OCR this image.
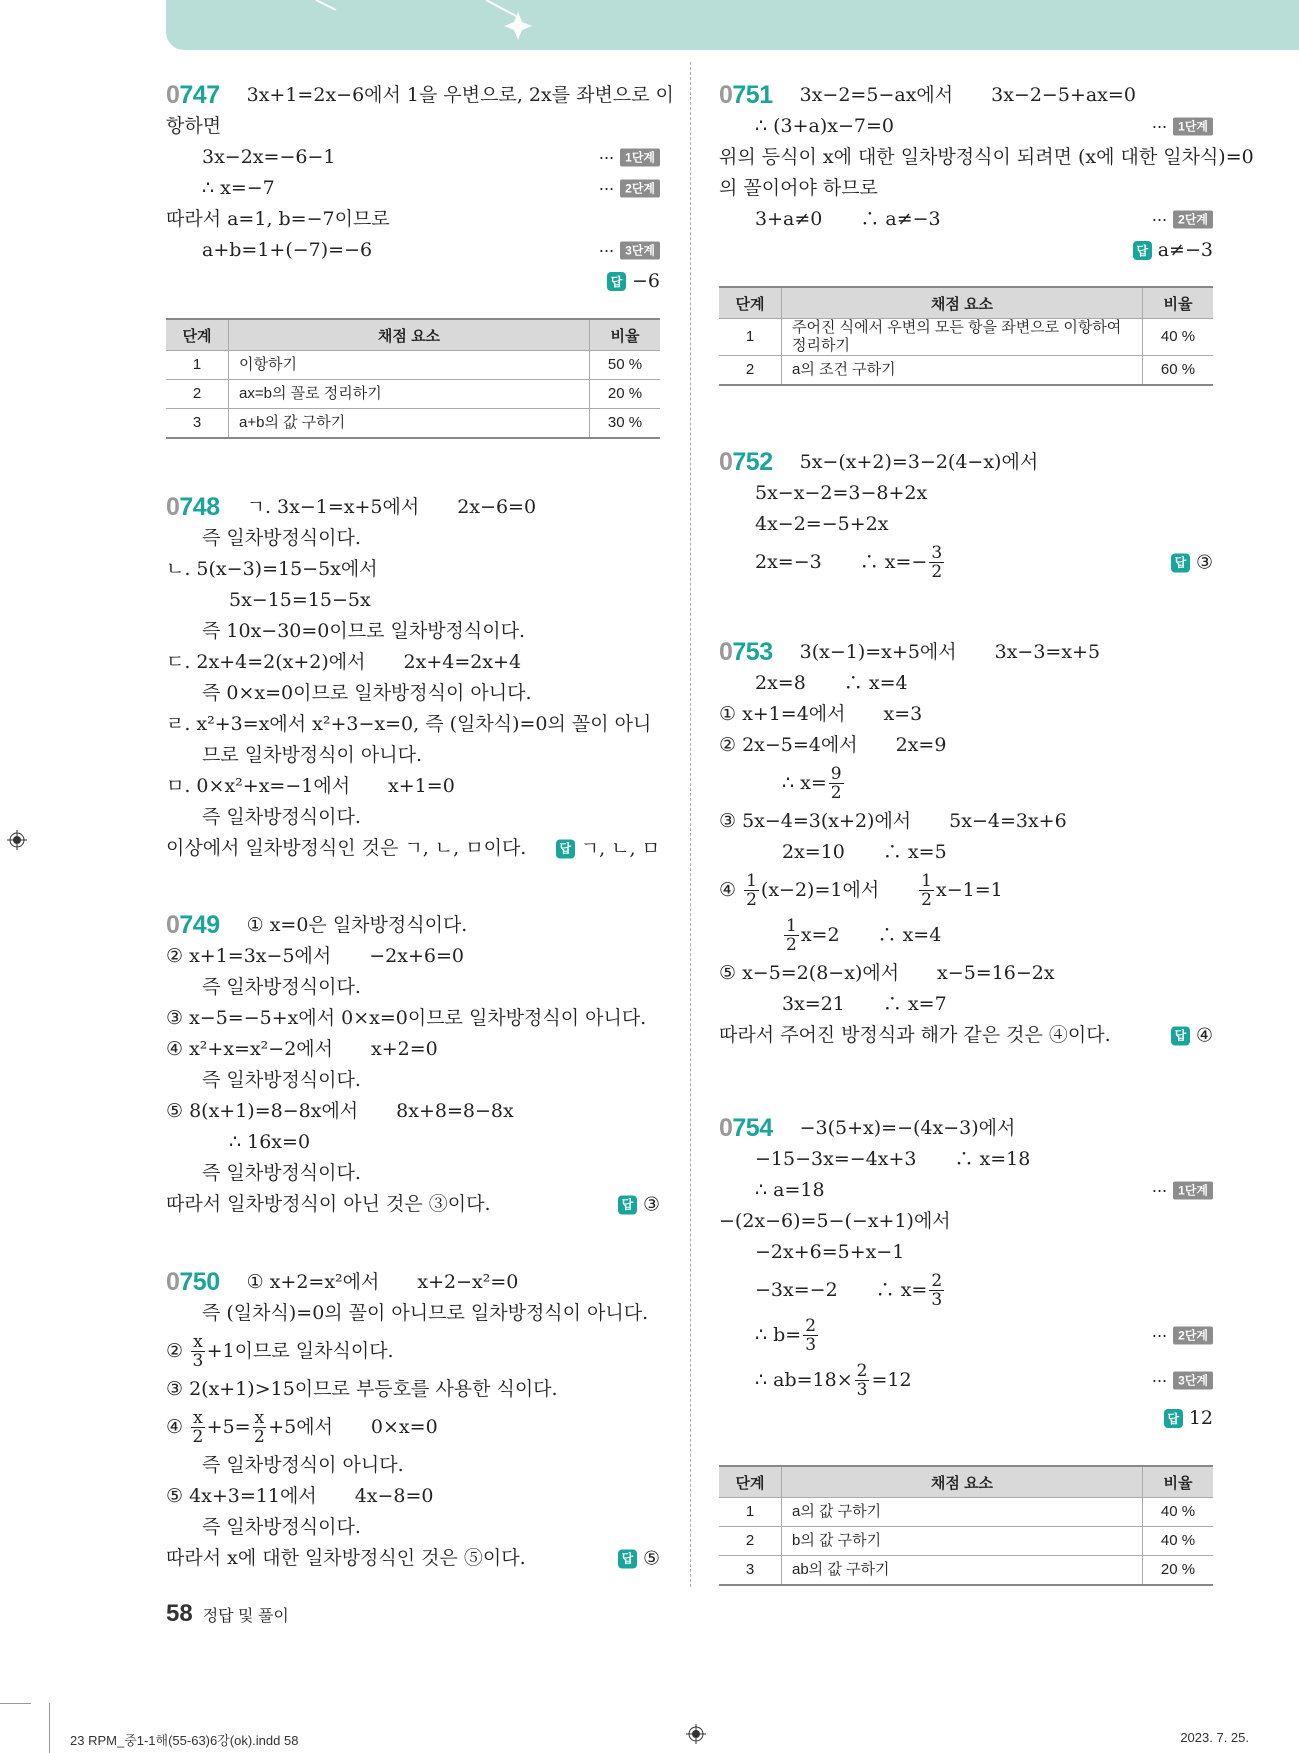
0747 3x+1=2x−6에서 1을 우변으로, 2x를 좌변으로 이
항하면
3x−2x=−6−1	··· 1단계
∴ x=−7	··· 2단계
따라서 a=1, b=−7이므로
a+b=1+(−7)=−6	··· 3단계
답 −6
단계	채점 요소	비율
1	이항하기	50 %
2	ax=b의 꼴로 정리하기	20 %
3	a+b의 값 구하기	30 %
0748 ㄱ. 3x−1=x+5에서　　2x−6=0
즉 일차방정식이다.
ㄴ. 5(x−3)=15−5x에서
5x−15=15−5x
즉 10x−30=0이므로 일차방정식이다.
ㄷ. 2x+4=2(x+2)에서　　2x+4=2x+4
즉 0×x=0이므로 일차방정식이 아니다.
ㄹ. x²+3=x에서 x²+3−x=0, 즉 (일차식)=0의 꼴이 아니
므로 일차방정식이 아니다.
ㅁ. 0×x²+x=−1에서　　x+1=0
즉 일차방정식이다.
이상에서 일차방정식인 것은 ㄱ, ㄴ, ㅁ이다.	답 ㄱ, ㄴ, ㅁ
0749 ① x=0은 일차방정식이다.
② x+1=3x−5에서　　−2x+6=0
즉 일차방정식이다.
③ x−5=−5+x에서 0×x=0이므로 일차방정식이 아니다.
④ x²+x=x²−2에서　　x+2=0
즉 일차방정식이다.
⑤ 8(x+1)=8−8x에서　　8x+8=8−8x
∴ 16x=0
즉 일차방정식이다.
따라서 일차방정식이 아닌 것은 ③이다.	답 ③
0750 ① x+2=x²에서　　x+2−x²=0
즉 (일차식)=0의 꼴이 아니므로 일차방정식이 아니다.
② $\frac{x}{3} +1$이므로 일차식이다.
③ 2(x+1)>15이므로 부등호를 사용한 식이다.
④ $\frac{x}{2} +5= \frac{x}{2} +5$에서　　0×x=0
즉 일차방정식이 아니다.
⑤ 4x+3=11에서　　4x−8=0
즉 일차방정식이다.
따라서 x에 대한 일차방정식인 것은 ⑤이다.	답 ⑤
0751 3x−2=5−ax에서　　3x−2−5+ax=0
∴ (3+a)x−7=0	··· 1단계
위의 등식이 x에 대한 일차방정식이 되려면 (x에 대한 일차식)=0
의 꼴이어야 하므로
3+a≠0　　∴ a≠−3	··· 2단계
답 a≠−3
단계	채점 요소	비율
1	주어진 식에서 우변의 모든 항을 좌변으로 이항하여 정리하기	40 %
2	a의 조건 구하기	60 %
0752 5x−(x+2)=3−2(4−x)에서
5x−x−2=3−8+2x
4x−2=−5+2x
2x=−3　　∴ $x=- \frac{3}{2}$	답 ③
0753 3(x−1)=x+5에서　　3x−3=x+5
2x=8　　∴ x=4
① x+1=4에서　　x=3
② 2x−5=4에서　　2x=9
∴ $x= \frac{9}{2}$
③ 5x−4=3(x+2)에서　　5x−4=3x+6
2x=10　　∴ x=5
④ $\frac{1}{2} (x-2)=1$에서　　 $\frac{1}{2} x-1=1$
$\frac{1}{2} x=2$　　∴ x=4
⑤ x−5=2(8−x)에서　　x−5=16−2x
3x=21　　∴ x=7
따라서 주어진 방정식과 해가 같은 것은 ④이다.	답 ④
0754 −3(5+x)=−(4x−3)에서
−15−3x=−4x+3　　∴ x=18
∴ a=18	··· 1단계
−(2x−6)=5−(−x+1)에서
−2x+6=5+x−1
−3x=−2　　∴ $x= \frac{2}{3}$
∴ $b= \frac{2}{3}$	··· 2단계
∴ $ab=18\times \frac{2}{3} =12$	··· 3단계
답 12
단계	채점 요소	비율
1	a의 값 구하기	40 %
2	b의 값 구하기	40 %
3	ab의 값 구하기	20 %
58 정답 및 풀이
23 RPM_중1-1해(55-63)6강(ok).indd 58	2023. 7. 25.
